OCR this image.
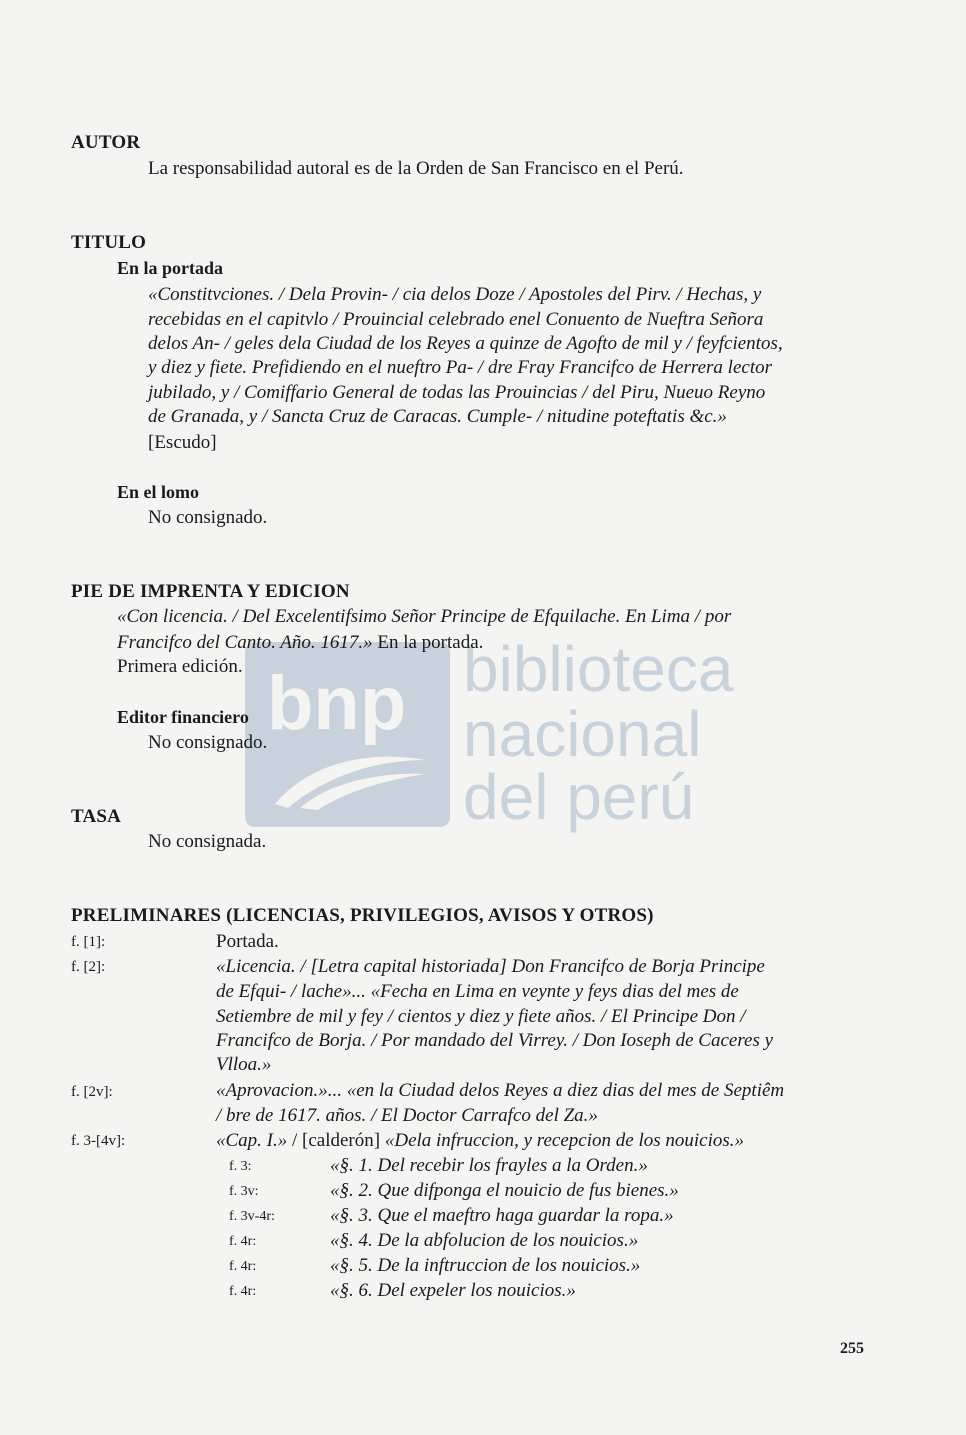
bnp biblioteca
nacional
del perú
AUTOR
La responsabilidad autoral es de la Orden de San Francisco en el Perú.
TITULO
En la portada
«Constitvciones. / Dela Provin- / cia delos Doze / Apostoles del Pirv. / Hechas, y
recebidas en el capitvlo / Prouincial celebrado enel Conuento de Nueftra Señora
delos An- / geles dela Ciudad de los Reyes a quinze de Agofto de mil y / feyfcientos,
y diez y fiete. Prefidiendo en el nueftro Pa- / dre Fray Francifco de Herrera lector
jubilado, y / Comiffario General de todas las Prouincias / del Piru, Nueuo Reyno
de Granada, y / Sancta Cruz de Caracas. Cumple- / nitudine poteftatis &c.»
[Escudo]
En el lomo
No consignado.
PIE DE IMPRENTA Y EDICION
«Con licencia. / Del Excelentifsimo Señor Principe de Efquilache. En Lima / por
Francifco del Canto. Año. 1617.» En la portada.
Primera edición.
Editor financiero
No consignado.
TASA
No consignada.
PRELIMINARES (LICENCIAS, PRIVILEGIOS, AVISOS Y OTROS)
f. [1]:	Portada.
f. [2]:	«Licencia. / [Letra capital historiada] Don Francifco de Borja Principe
de Efqui- / lache»... «Fecha en Lima en veynte y feys dias del mes de
Setiembre de mil y fey / cientos y diez y fiete años. / El Principe Don /
Francifco de Borja. / Por mandado del Virrey. / Don Ioseph de Caceres y
Vlloa.»
f. [2v]:	«Aprovacion.»... «en la Ciudad delos Reyes a diez dias del mes de Septiêm
/ bre de 1617. años. / El Doctor Carrafco del Za.»
f. 3-[4v]:	«Cap. I.» / [calderón] «Dela infruccion, y recepcion de los nouicios.»
f. 3:	«§. 1. Del recebir los frayles a la Orden.»
f. 3v:	«§. 2. Que difponga el nouicio de fus bienes.»
f. 3v-4r:	«§. 3. Que el maeftro haga guardar la ropa.»
f. 4r:	«§. 4. De la abfolucion de los nouicios.»
f. 4r:	«§. 5. De la inftruccion de los nouicios.»
f. 4r:	«§. 6. Del expeler los nouicios.»
255
